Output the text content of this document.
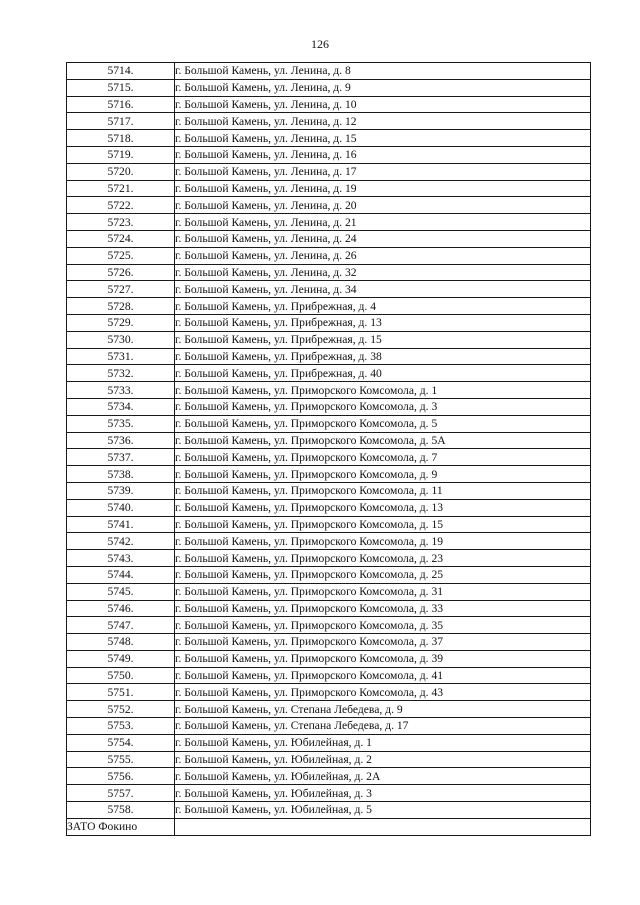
126
5714.	г. Большой Камень, ул. Ленина, д. 8
5715.	г. Большой Камень, ул. Ленина, д. 9
5716.	г. Большой Камень, ул. Ленина, д. 10
5717.	г. Большой Камень, ул. Ленина, д. 12
5718.	г. Большой Камень, ул. Ленина, д. 15
5719.	г. Большой Камень, ул. Ленина, д. 16
5720.	г. Большой Камень, ул. Ленина, д. 17
5721.	г. Большой Камень, ул. Ленина, д. 19
5722.	г. Большой Камень, ул. Ленина, д. 20
5723.	г. Большой Камень, ул. Ленина, д. 21
5724.	г. Большой Камень, ул. Ленина, д. 24
5725.	г. Большой Камень, ул. Ленина, д. 26
5726.	г. Большой Камень, ул. Ленина, д. 32
5727.	г. Большой Камень, ул. Ленина, д. 34
5728.	г. Большой Камень, ул. Прибрежная, д. 4
5729.	г. Большой Камень, ул. Прибрежная, д. 13
5730.	г. Большой Камень, ул. Прибрежная, д. 15
5731.	г. Большой Камень, ул. Прибрежная, д. 38
5732.	г. Большой Камень, ул. Прибрежная, д. 40
5733.	г. Большой Камень, ул. Приморского Комсомола, д. 1
5734.	г. Большой Камень, ул. Приморского Комсомола, д. 3
5735.	г. Большой Камень, ул. Приморского Комсомола, д. 5
5736.	г. Большой Камень, ул. Приморского Комсомола, д. 5А
5737.	г. Большой Камень, ул. Приморского Комсомола, д. 7
5738.	г. Большой Камень, ул. Приморского Комсомола, д. 9
5739.	г. Большой Камень, ул. Приморского Комсомола, д. 11
5740.	г. Большой Камень, ул. Приморского Комсомола, д. 13
5741.	г. Большой Камень, ул. Приморского Комсомола, д. 15
5742.	г. Большой Камень, ул. Приморского Комсомола, д. 19
5743.	г. Большой Камень, ул. Приморского Комсомола, д. 23
5744.	г. Большой Камень, ул. Приморского Комсомола, д. 25
5745.	г. Большой Камень, ул. Приморского Комсомола, д. 31
5746.	г. Большой Камень, ул. Приморского Комсомола, д. 33
5747.	г. Большой Камень, ул. Приморского Комсомола, д. 35
5748.	г. Большой Камень, ул. Приморского Комсомола, д. 37
5749.	г. Большой Камень, ул. Приморского Комсомола, д. 39
5750.	г. Большой Камень, ул. Приморского Комсомола, д. 41
5751.	г. Большой Камень, ул. Приморского Комсомола, д. 43
5752.	г. Большой Камень, ул. Степана Лебедева, д. 9
5753.	г. Большой Камень, ул. Степана Лебедева, д. 17
5754.	г. Большой Камень, ул. Юбилейная, д. 1
5755.	г. Большой Камень, ул. Юбилейная, д. 2
5756.	г. Большой Камень, ул. Юбилейная, д. 2А
5757.	г. Большой Камень, ул. Юбилейная, д. 3
5758.	г. Большой Камень, ул. Юбилейная, д. 5
ЗАТО Фокино	
